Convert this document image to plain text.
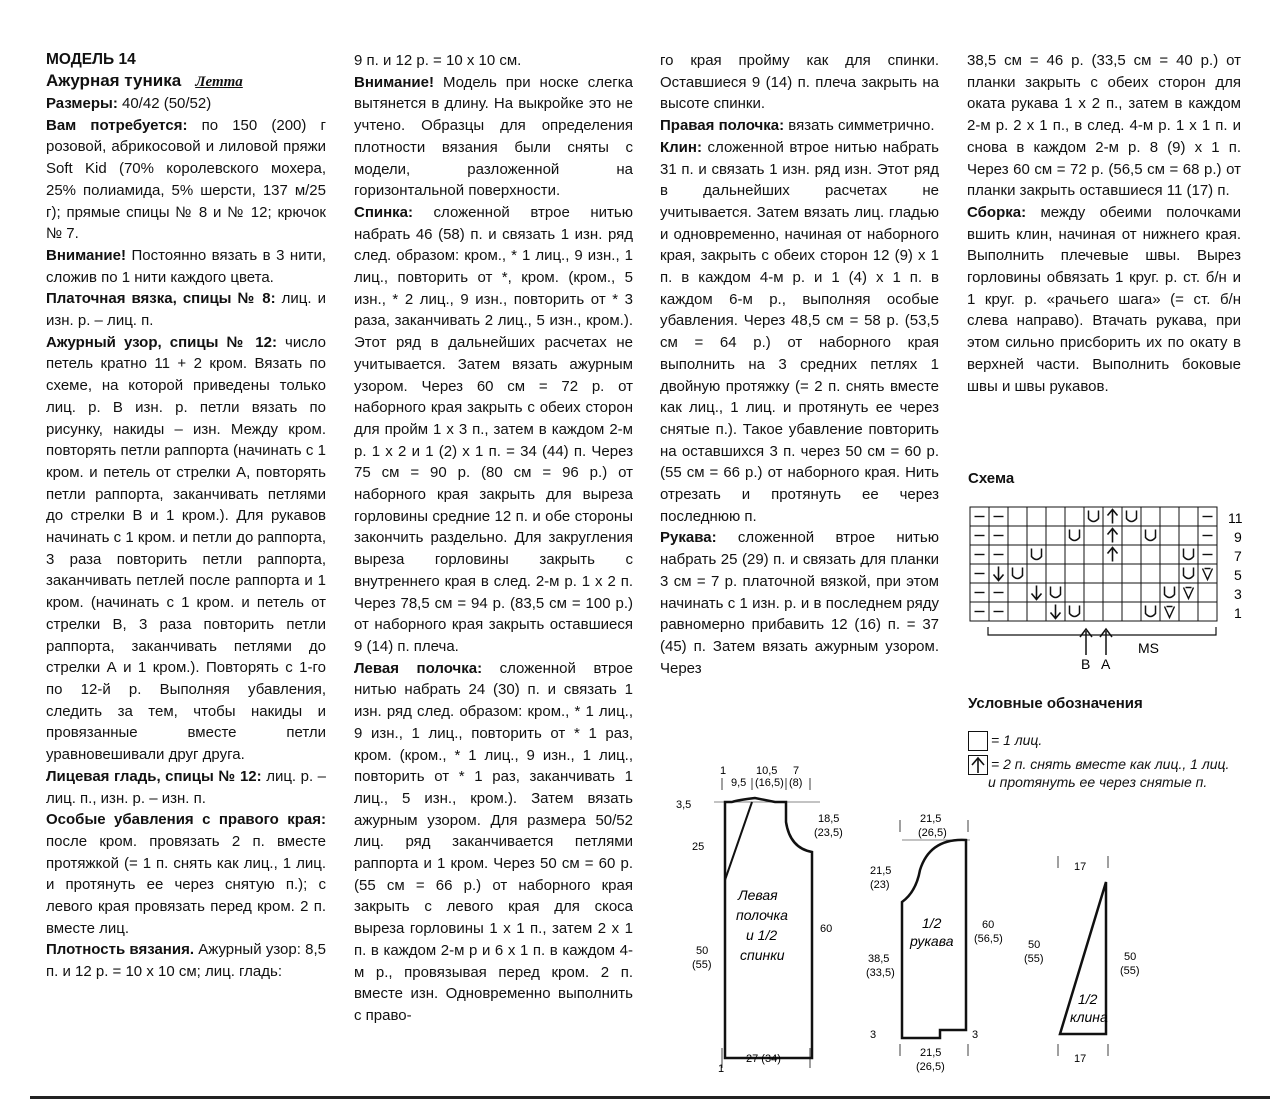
МОДЕЛЬ 14

Ажурная туника Летта

Размеры: 40/42 (50/52)

Вам потребуется: по 150 (200) г розовой, абрикосовой и лиловой пряжи Soft Kid (70% королевского мохера, 25% полиамида, 5% шерсти, 137 м/25 г); прямые спицы № 8 и № 12; крючок № 7.

Внимание! Постоянно вязать в 3 нити, сложив по 1 нити каждого цвета.

Платочная вязка, спицы № 8: лиц. и изн. р. – лиц. п.

Ажурный узор, спицы № 12: число петель кратно 11 + 2 кром. Вязать по схеме, на которой приведены только лиц. р. В изн. р. петли вязать по рисунку, накиды – изн. Между кром. повторять петли раппорта (начинать с 1 кром. и петель от стрелки А, повторять петли раппорта, заканчивать петлями до стрелки В и 1 кром.). Для рукавов начинать с 1 кром. и петли до раппорта, 3 раза повторить петли раппорта, заканчивать петлей после раппорта и 1 кром. (начинать с 1 кром. и петель от стрелки В, 3 раза повторить петли раппорта, заканчивать петлями до стрелки А и 1 кром.). Повторять с 1-го по 12-й р. Выполняя убавления, следить за тем, чтобы накиды и провязанные вместе петли уравновешивали друг друга.

Лицевая гладь, спицы № 12: лиц. р. – лиц. п., изн. р. – изн. п.

Особые убавления с правого края: после кром. провязать 2 п. вместе протяжкой (= 1 п. снять как лиц., 1 лиц. и протянуть ее через снятую п.); с левого края провязать перед кром. 2 п. вместе лиц.

Плотность вязания. Ажурный узор: 8,5 п. и 12 р. = 10 х 10 см; лиц. гладь:

9 п. и 12 р. = 10 х 10 см.

Внимание! Модель при носке слегка вытянется в длину. На выкройке это не учтено. Образцы для определения плотности вязания были сняты с модели, разложенной на горизонтальной поверхности.

Спинка: сложенной втрое нитью набрать 46 (58) п. и связать 1 изн. ряд след. образом: кром., * 1 лиц., 9 изн., 1 лиц., повторить от *, кром. (кром., 5 изн., * 2 лиц., 9 изн., повторить от * 3 раза, заканчивать 2 лиц., 5 изн., кром.). Этот ряд в дальнейших расчетах не учитывается. Затем вязать ажурным узором. Через 60 см = 72 р. от наборного края закрыть с обеих сторон для пройм 1 х 3 п., затем в каждом 2-м р. 1 х 2 и 1 (2) х 1 п. = 34 (44) п. Через 75 см = 90 р. (80 см = 96 р.) от наборного края закрыть для выреза горловины средние 12 п. и обе стороны закончить раздельно. Для закругления выреза горловины закрыть с внутреннего края в след. 2-м р. 1 х 2 п. Через 78,5 см = 94 р. (83,5 см = 100 р.) от наборного края закрыть оставшиеся 9 (14) п. плеча.

Левая полочка: сложенной втрое нитью набрать 24 (30) п. и связать 1 изн. ряд след. образом: кром., * 1 лиц., 9 изн., 1 лиц., повторить от * 1 раз, кром. (кром., * 1 лиц., 9 изн., 1 лиц., повторить от * 1 раз, заканчивать 1 лиц., 5 изн., кром.). Затем вязать ажурным узором. Для размера 50/52 лиц. ряд заканчивается петлями раппорта и 1 кром. Через 50 см = 60 р. (55 см = 66 р.) от наборного края закрыть с левого края для скоса выреза горловины 1 х 1 п., затем 2 х 1 п. в каждом 2-м р и 6 х 1 п. в каждом 4-м р., провязывая перед кром. 2 п. вместе изн. Одновременно выполнить с право-

го края пройму как для спинки. Оставшиеся 9 (14) п. плеча закрыть на высоте спинки.

Правая полочка: вязать симметрично.

Клин: сложенной втрое нитью набрать 31 п. и связать 1 изн. ряд изн. Этот ряд в дальнейших расчетах не учитывается. Затем вязать лиц. гладью и одновременно, начиная от наборного края, закрыть с обеих сторон 12 (9) х 1 п. в каждом 4-м р. и 1 (4) х 1 п. в каждом 6-м р., выполняя особые убавления. Через 48,5 см = 58 р. (53,5 см = 64 р.) от наборного края выполнить на 3 средних петлях 1 двойную протяжку (= 2 п. снять вместе как лиц., 1 лиц. и протянуть ее через снятые п.). Такое убавление повторить на оставшихся 3 п. через 50 см = 60 р. (55 см = 66 р.) от наборного края. Нить отрезать и протянуть ее через последнюю п.

Рукава: сложенной втрое нитью набрать 25 (29) п. и связать для планки 3 см = 7 р. платочной вязкой, при этом начинать с 1 изн. р. и в последнем ряду равномерно прибавить 12 (16) п. = 37 (45) п. Затем вязать ажурным узором. Через

38,5 см = 46 р. (33,5 см = 40 р.) от планки закрыть с обеих сторон для оката рукава 1 х 2 п., затем в каждом 2-м р. 2 х 1 п., в след. 4-м р. 1 х 1 п. и снова в каждом 2-м р. 8 (9) х 1 п. Через 60 см = 72 р. (56,5 см = 68 р.) от планки закрыть оставшиеся 11 (17) п.

Сборка: между обеими полочками вшить клин, начиная от нижнего края. Выполнить плечевые швы. Вырез горловины обвязать 1 круг. р. ст. б/н и 1 круг. р. «рачьего шага» (= ст. б/н слева направо). Втачать рукава, при этом сильно присборить их по окату в верхней части. Выполнить боковые швы и швы рукавов.

Схема
11
9
7
5
3
1
B A
MS
Условные обозначения
= 1 лиц.
= 2 п. снять вместе как лиц., 1 лиц.
и протянуть ее через снятые п.
Левая
полочка
и 1/2
спинки
1
9,5
10,5
(16,5)
7
(8)
3,5
25
50
(55)
18,5
(23,5)
60
1
27 (34)
1/2
рукава
21,5
(26,5)
21,5
(23)
38,5
(33,5)
60
(56,5)
3	3
21,5
(26,5)
1/2
клина
17
50
(55)	50
(55)
17
